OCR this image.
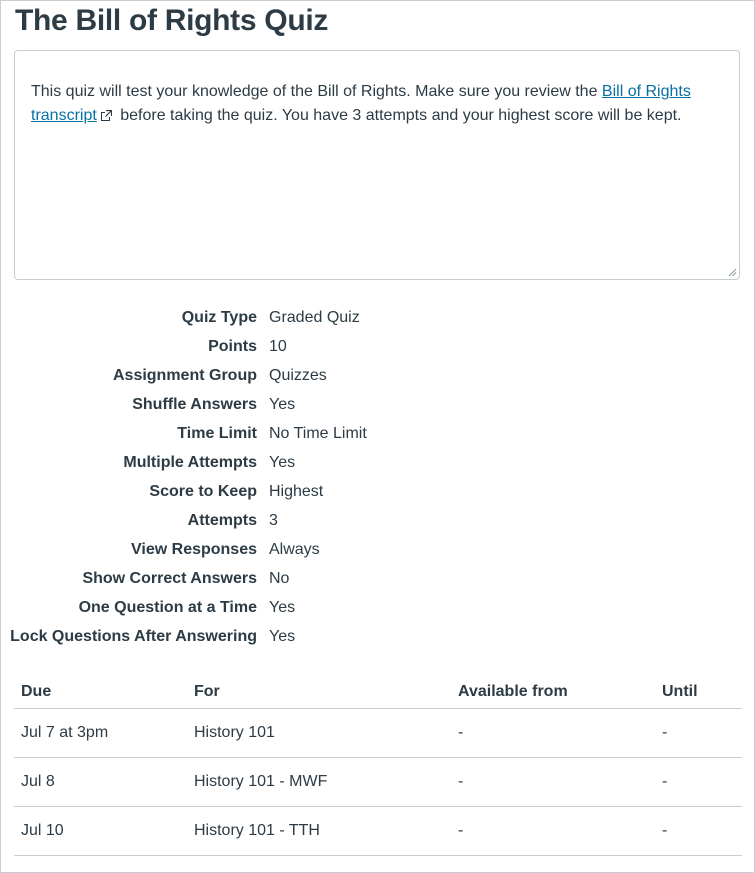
The Bill of Rights Quiz
This quiz will test your knowledge of the Bill of Rights. Make sure you review the Bill of Rights transcript before taking the quiz. You have 3 attempts and your highest score will be kept.
Quiz Type Graded Quiz
Points 10
Assignment Group Quizzes
Shuffle Answers Yes
Time Limit No Time Limit
Multiple Attempts Yes
Score to Keep Highest
Attempts 3
View Responses Always
Show Correct Answers No
One Question at a Time Yes
Lock Questions After Answering Yes
Due	For	Available from	Until
Jul 7 at 3pm	History 101	-	-
Jul 8	History 101 - MWF	-	-
Jul 10	History 101 - TTH	-	-
